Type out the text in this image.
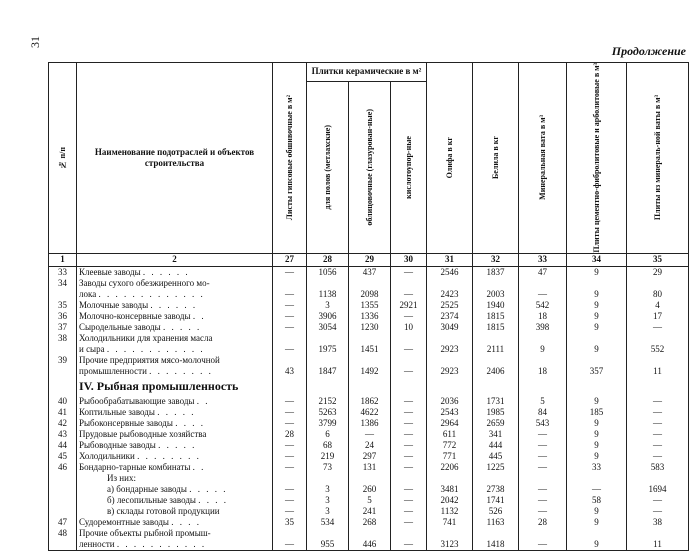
31
Продолжение
№ п/п	Наименование подотраслей и объектов строительства	Листы гипсовые обшивочные в м²	Плитки керамические в м²			Олифа в кг	Белила в кг	Минеральная вата в м³	Плиты цементно-фибролитовые и арболитовые в м³	Плиты из минераль-ной ваты в м³

			для полов (метлахские)	облицовочные (глазурован-ные)	кислотоупор-ные					

1	2	27	28	29	30	31	32	33	34	35
33	Клеевые заводы . . . . . .	—	1056	437	—	2546	1837	47	9	29
34	Заводы сухого обезжиренного мо-									
	лока . . . . . . . . . . . . .	—	1138	2098	—	2423	2003	—	9	80
35	Молочные заводы . . . . . .	—	3	1355	2921	2525	1940	542	9	4
36	Молочно-консервные заводы . .	—	3906	1336	—	2374	1815	18	9	17
37	Сыродельные заводы . . . . .	—	3054	1230	10	3049	1815	398	9	—
38	Холодильники для хранения масла									
	и сыра . . . . . . . . . . . .	—	1975	1451	—	2923	2111	9	9	552
39	Прочие предприятия мясо-молочной									
	промышленности . . . . . . . .	43	1847	1492	—	2923	2406	18	357	11
	IV. Рыбная промышленность									
40	Рыбообрабатывающие заводы . .	—	2152	1862	—	2036	1731	5	9	—
41	Коптильные заводы . . . . .	—	5263	4622	—	2543	1985	84	185	—
42	Рыбоконсервные заводы . . . .	—	3799	1386	—	2964	2659	543	9	—
43	Прудовые рыбоводные хозяйства	28	6	—	—	611	341	—	9	—
44	Рыбоводные заводы . . . . .	—	68	24	—	772	444	—	9	—
45	Холодильники . . . . . . . .	—	219	297	—	771	445	—	9	—
46	Бондарно-тарные комбинаты . .	—	73	131	—	2206	1225	—	33	583
	Из них:									
	а) бондарные заводы . . . . .	—	3	260	—	3481	2738	—	—	1694
	б) лесопильные заводы . . . .	—	3	5	—	2042	1741	—	58	—
	в) склады готовой продукции	—	3	241	—	1132	526	—	9	—
47	Судоремонтные заводы . . . .	35	534	268	—	741	1163	28	9	38
48	Прочие объекты рыбной промыш-									
	ленности . . . . . . . . . . .	—	955	446	—	3123	1418	—	9	11
